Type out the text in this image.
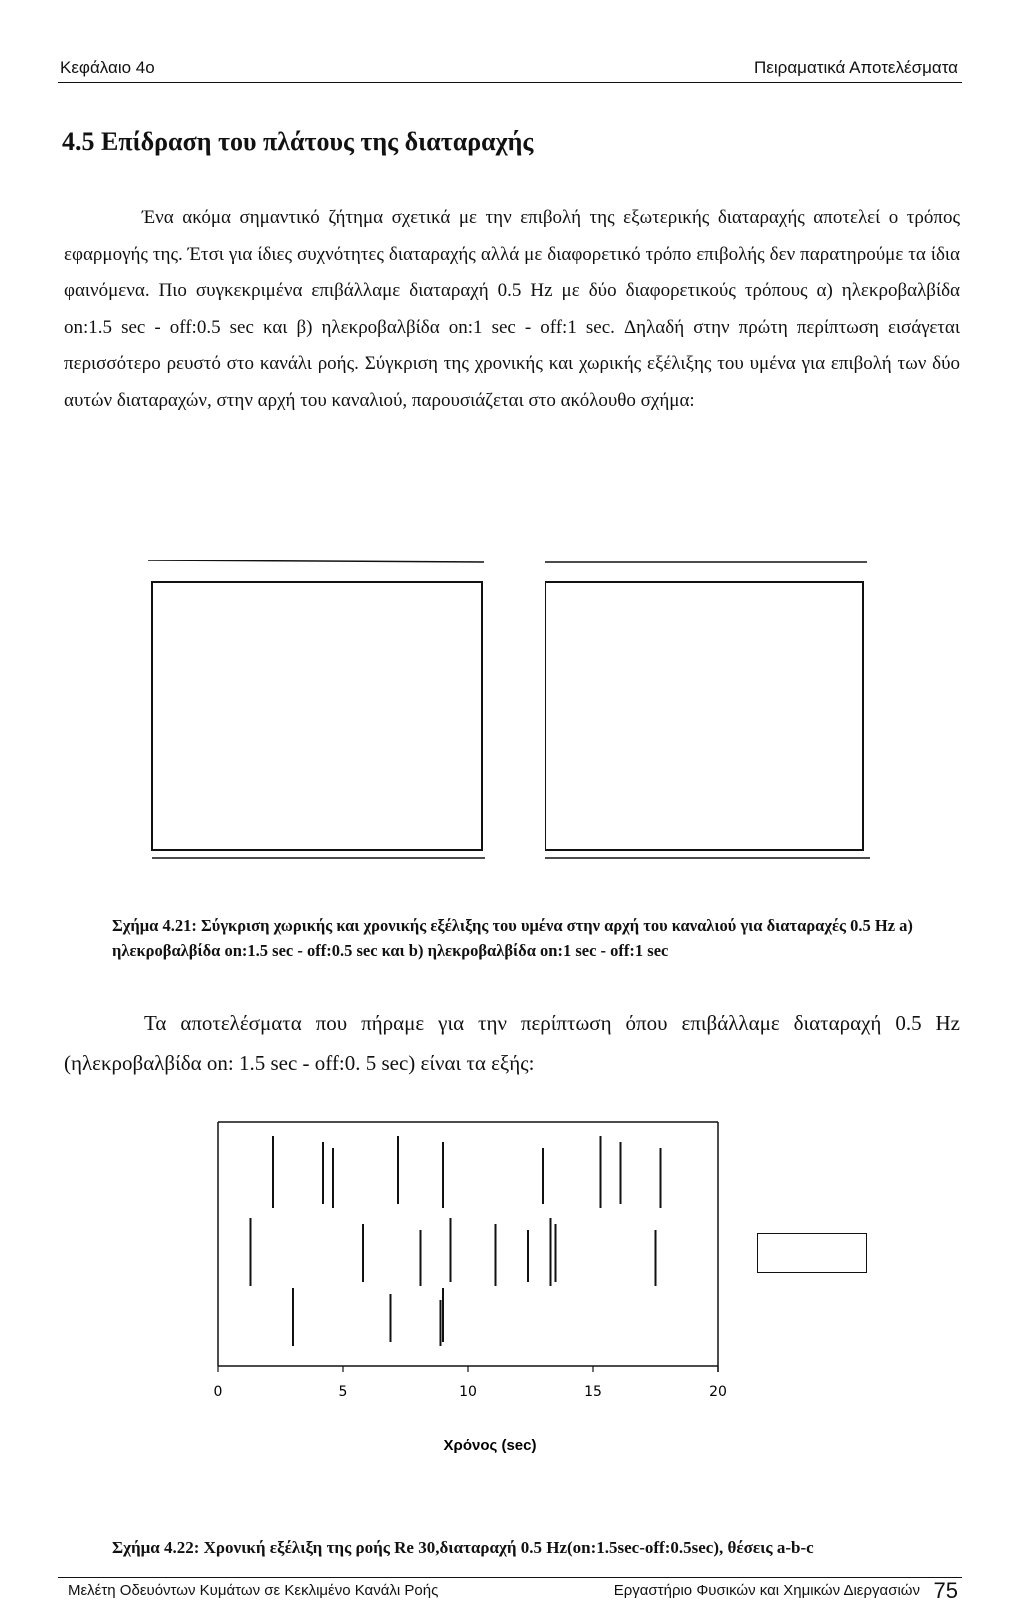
Κεφάλαιο 4ο	Πειραματικά Αποτελέσματα
4.5 Επίδραση του πλάτους της διαταραχής
Ένα ακόμα σημαντικό ζήτημα σχετικά με την επιβολή της εξωτερικής διαταραχής αποτελεί ο τρόπος εφαρμογής της. Έτσι για ίδιες συχνότητες διαταραχής αλλά με διαφορετικό τρόπο επιβολής δεν παρατηρούμε τα ίδια φαινόμενα. Πιο συγκεκριμένα επιβάλλαμε διαταραχή 0.5 Hz με δύο διαφορετικούς τρόπους α) ηλεκροβαλβίδα on:1.5 sec - off:0.5 sec και β) ηλεκροβαλβίδα on:1 sec - off:1 sec. Δηλαδή στην πρώτη περίπτωση εισάγεται περισσότερο ρευστό στο κανάλι ροής. Σύγκριση της χρονικής και χωρικής εξέλιξης του υμένα για επιβολή των δύο αυτών διαταραχών, στην αρχή του καναλιού, παρουσιάζεται στο ακόλουθο σχήμα:
Σχήμα 4.21: Σύγκριση χωρικής και χρονικής εξέλιξης του υμένα στην αρχή του καναλιού για διαταραχές 0.5 Hz a) ηλεκροβαλβίδα on:1.5 sec - off:0.5 sec και b) ηλεκροβαλβίδα on:1 sec - off:1 sec
Τα αποτελέσματα που πήραμε για την περίπτωση όπου επιβάλλαμε διαταραχή 0.5 Hz (ηλεκροβαλβίδα on: 1.5 sec - off:0. 5 sec) είναι τα εξής:
0	5	10	15	20
Χρόνος (sec)
Σχήμα 4.22: Χρονική εξέλιξη της ροής Re 30,διαταραχή 0.5 Hz(on:1.5sec-off:0.5sec), θέσεις a-b-c
Μελέτη Οδευόντων Κυμάτων σε Κεκλιμένο Κανάλι Ροής	Εργαστήριο Φυσικών και Χημικών Διεργασιών 75
